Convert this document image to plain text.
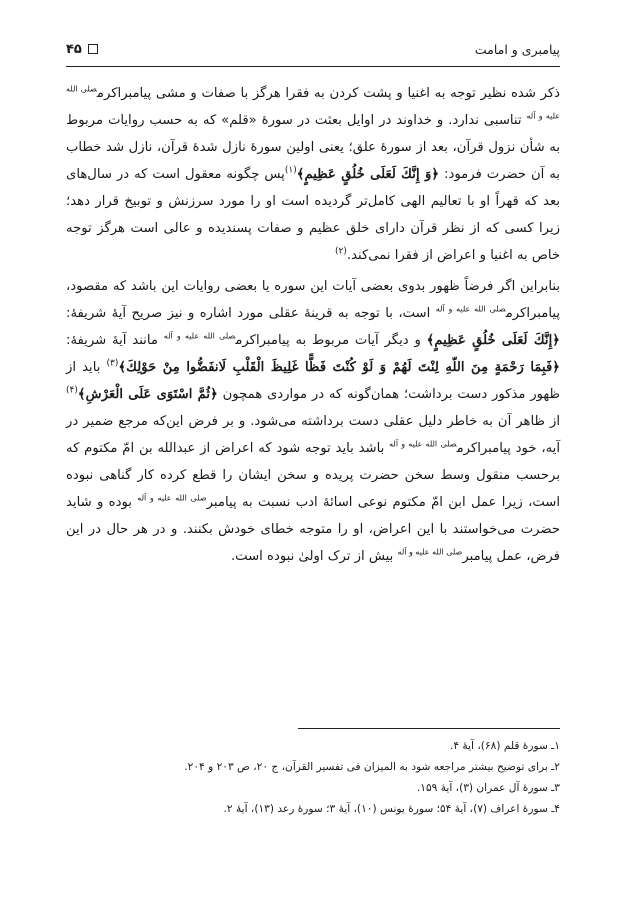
۴۵	پیامبری و امامت

ذکر شده نظیر توجه به اغنیا و پشت کردن به فقرا هرگز با صفات و مشی پیامبراکرم$^{صلی الله علیه و آله}$ تناسبی ندارد. و خداوند در اوایل بعثت در سورهٔ «قلم» که به حسب روایات مربوط به شأن نزول قرآن، بعد از سورهٔ علق؛ یعنی اولین سورهٔ نازل شدهٔ قرآن، نازل شد خطاب به آن حضرت فرمود: ﴿وَ إِنَّكَ لَعَلَى خُلُقٍ عَظِيمٍ﴾$^{(۱)}$پس چگونه معقول است که در سال‌های بعد که قهراً او با تعالیم الهی کامل‌تر گردیده است او را مورد سرزنش و توبیخ قرار دهد؛ زیرا کسی که از نظر قرآن دارای خلق عظیم و صفات پسندیده و عالی است هرگز توجه خاص به اغنیا و اعراض از فقرا نمی‌کند.$^{(۲)}$

بنابراین اگر فرضاً ظهور بدوی بعضی آیات این سوره یا بعضی روایات این باشد که مقصود، پیامبراکرم$^{صلی الله علیه و آله}$ است، با توجه به قرینهٔ عقلی مورد اشاره و نیز صریح آیهٔ شریفهٔ: ﴿إِنَّكَ لَعَلَى خُلُقٍ عَظِيمٍ﴾ و دیگر آیات مربوط به پیامبراکرم$^{صلی الله علیه و آله}$ مانند آیهٔ شریفهٔ: ﴿فَبِمَا رَحْمَةٍ مِنَ اللّهِ لِنْتَ لَهُمْ وَ لَوْ كُنْتَ فَظًّا غَلِيظَ الْقَلْبِ لَانفَضُّوا مِنْ حَوْلِكَ﴾$^{(۳)}$ باید از ظهور مذکور دست برداشت؛ همان‌گونه که در مواردی همچون ﴿ثُمَّ اسْتَوَى عَلَى الْعَرْشِ﴾$^{(۴)}$ از ظاهر آن به خاطر دلیل عقلی دست برداشته می‌شود. و بر فرض این‌که مرجع ضمیر در آیه، خود پیامبراکرم$^{صلی الله علیه و آله}$ باشد باید توجه شود که اعراض از عبدالله بن امّ مکتوم که برحسب منقول وسط سخن حضرت پریده و سخن ایشان را قطع کرده کار گناهی نبوده است، زیرا عمل ابن امّ مکتوم نوعی اسائهٔ ادب نسبت به پیامبر$^{صلی الله علیه و آله}$ بوده و شاید حضرت می‌خواستند با این اعراض، او را متوجه خطای خودش بکنند. و در هر حال در این فرض، عمل پیامبر$^{صلی الله علیه و آله}$ بیش از ترک اولیٰ نبوده است.

۱ـ سورهٔ قلم (۶۸)، آیهٔ ۴.

۲ـ برای توضیح بیشتر مراجعه شود به المیزان فی تفسیر القرآن، ج ۲۰، ص ۲۰۳ و ۲۰۴.

۳ـ سورهٔ آل عمران (۳)، آیهٔ ۱۵۹.

۴ـ سورهٔ اعراف (۷)، آیهٔ ۵۴؛ سورهٔ یونس (۱۰)، آیهٔ ۳؛ سورهٔ رعد (۱۳)، آیهٔ ۲.
